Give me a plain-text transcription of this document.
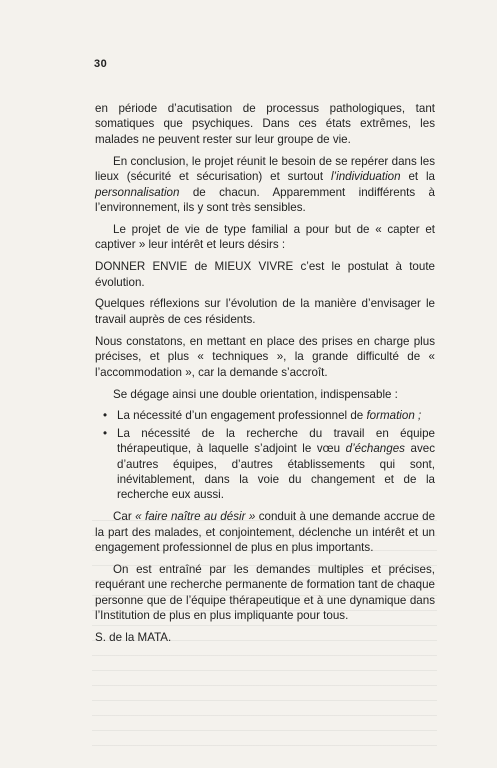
30

en période d’acutisation de processus pathologiques, tant somatiques que psychiques. Dans ces états extrêmes, les malades ne peuvent rester sur leur groupe de vie.

En conclusion, le projet réunit le besoin de se repérer dans les lieux (sécurité et sécurisation) et surtout l’individuation et la personnalisation de chacun. Apparemment indifférents à l’environnement, ils y sont très sensibles.

Le projet de vie de type familial a pour but de « capter et captiver » leur intérêt et leurs désirs :

DONNER ENVIE de MIEUX VIVRE c’est le postulat à toute évolution.

Quelques réflexions sur l’évolution de la manière d’envisager le travail auprès de ces résidents.

Nous constatons, en mettant en place des prises en charge plus précises, et plus « techniques », la grande difficulté de « l’accommodation », car la demande s’accroît.

Se dégage ainsi une double orientation, indispensable :

• La nécessité d’un engagement professionnel de formation ;
• La nécessité de la recherche du travail en équipe thérapeutique, à laquelle s’adjoint le vœu d’échanges avec d’autres équipes, d’autres établissements qui sont, inévitablement, dans la voie du changement et de la recherche eux aussi.

Car « faire naître au désir » conduit à une demande accrue de la part des malades, et conjointement, déclenche un intérêt et un engagement professionnel de plus en plus importants.

On est entraîné par les demandes multiples et précises, requérant une recherche permanente de formation tant de chaque personne que de l’équipe thérapeutique et à une dynamique dans l’Institution de plus en plus impliquante pour tous.

S. de la MATA.
